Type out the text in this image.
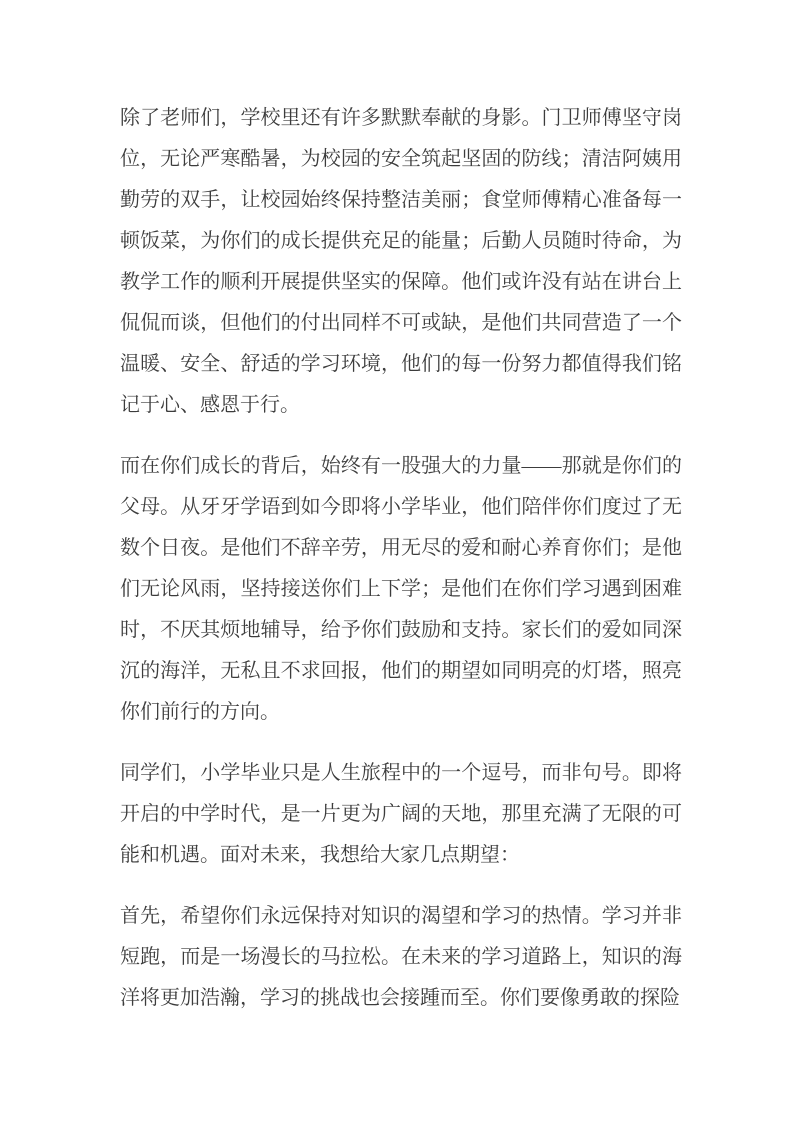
除了老师们，学校里还有许多默默奉献的身影。门卫师傅坚守岗位，无论严寒酷暑，为校园的安全筑起坚固的防线；清洁阿姨用勤劳的双手，让校园始终保持整洁美丽；食堂师傅精心准备每一顿饭菜，为你们的成长提供充足的能量；后勤人员随时待命，为教学工作的顺利开展提供坚实的保障。他们或许没有站在讲台上侃侃而谈，但他们的付出同样不可或缺，是他们共同营造了一个温暖、安全、舒适的学习环境，他们的每一份努力都值得我们铭记于心、感恩于行。

而在你们成长的背后，始终有一股强大的力量——那就是你们的父母。从牙牙学语到如今即将小学毕业，他们陪伴你们度过了无数个日夜。是他们不辞辛劳，用无尽的爱和耐心养育你们；是他们无论风雨，坚持接送你们上下学；是他们在你们学习遇到困难时，不厌其烦地辅导，给予你们鼓励和支持。家长们的爱如同深沉的海洋，无私且不求回报，他们的期望如同明亮的灯塔，照亮你们前行的方向。

同学们，小学毕业只是人生旅程中的一个逗号，而非句号。即将开启的中学时代，是一片更为广阔的天地，那里充满了无限的可能和机遇。面对未来，我想给大家几点期望：

首先，希望你们永远保持对知识的渴望和学习的热情。学习并非短跑，而是一场漫长的马拉松。在未来的学习道路上，知识的海洋将更加浩瀚，学习的挑战也会接踵而至。你们要像勇敢的探险
